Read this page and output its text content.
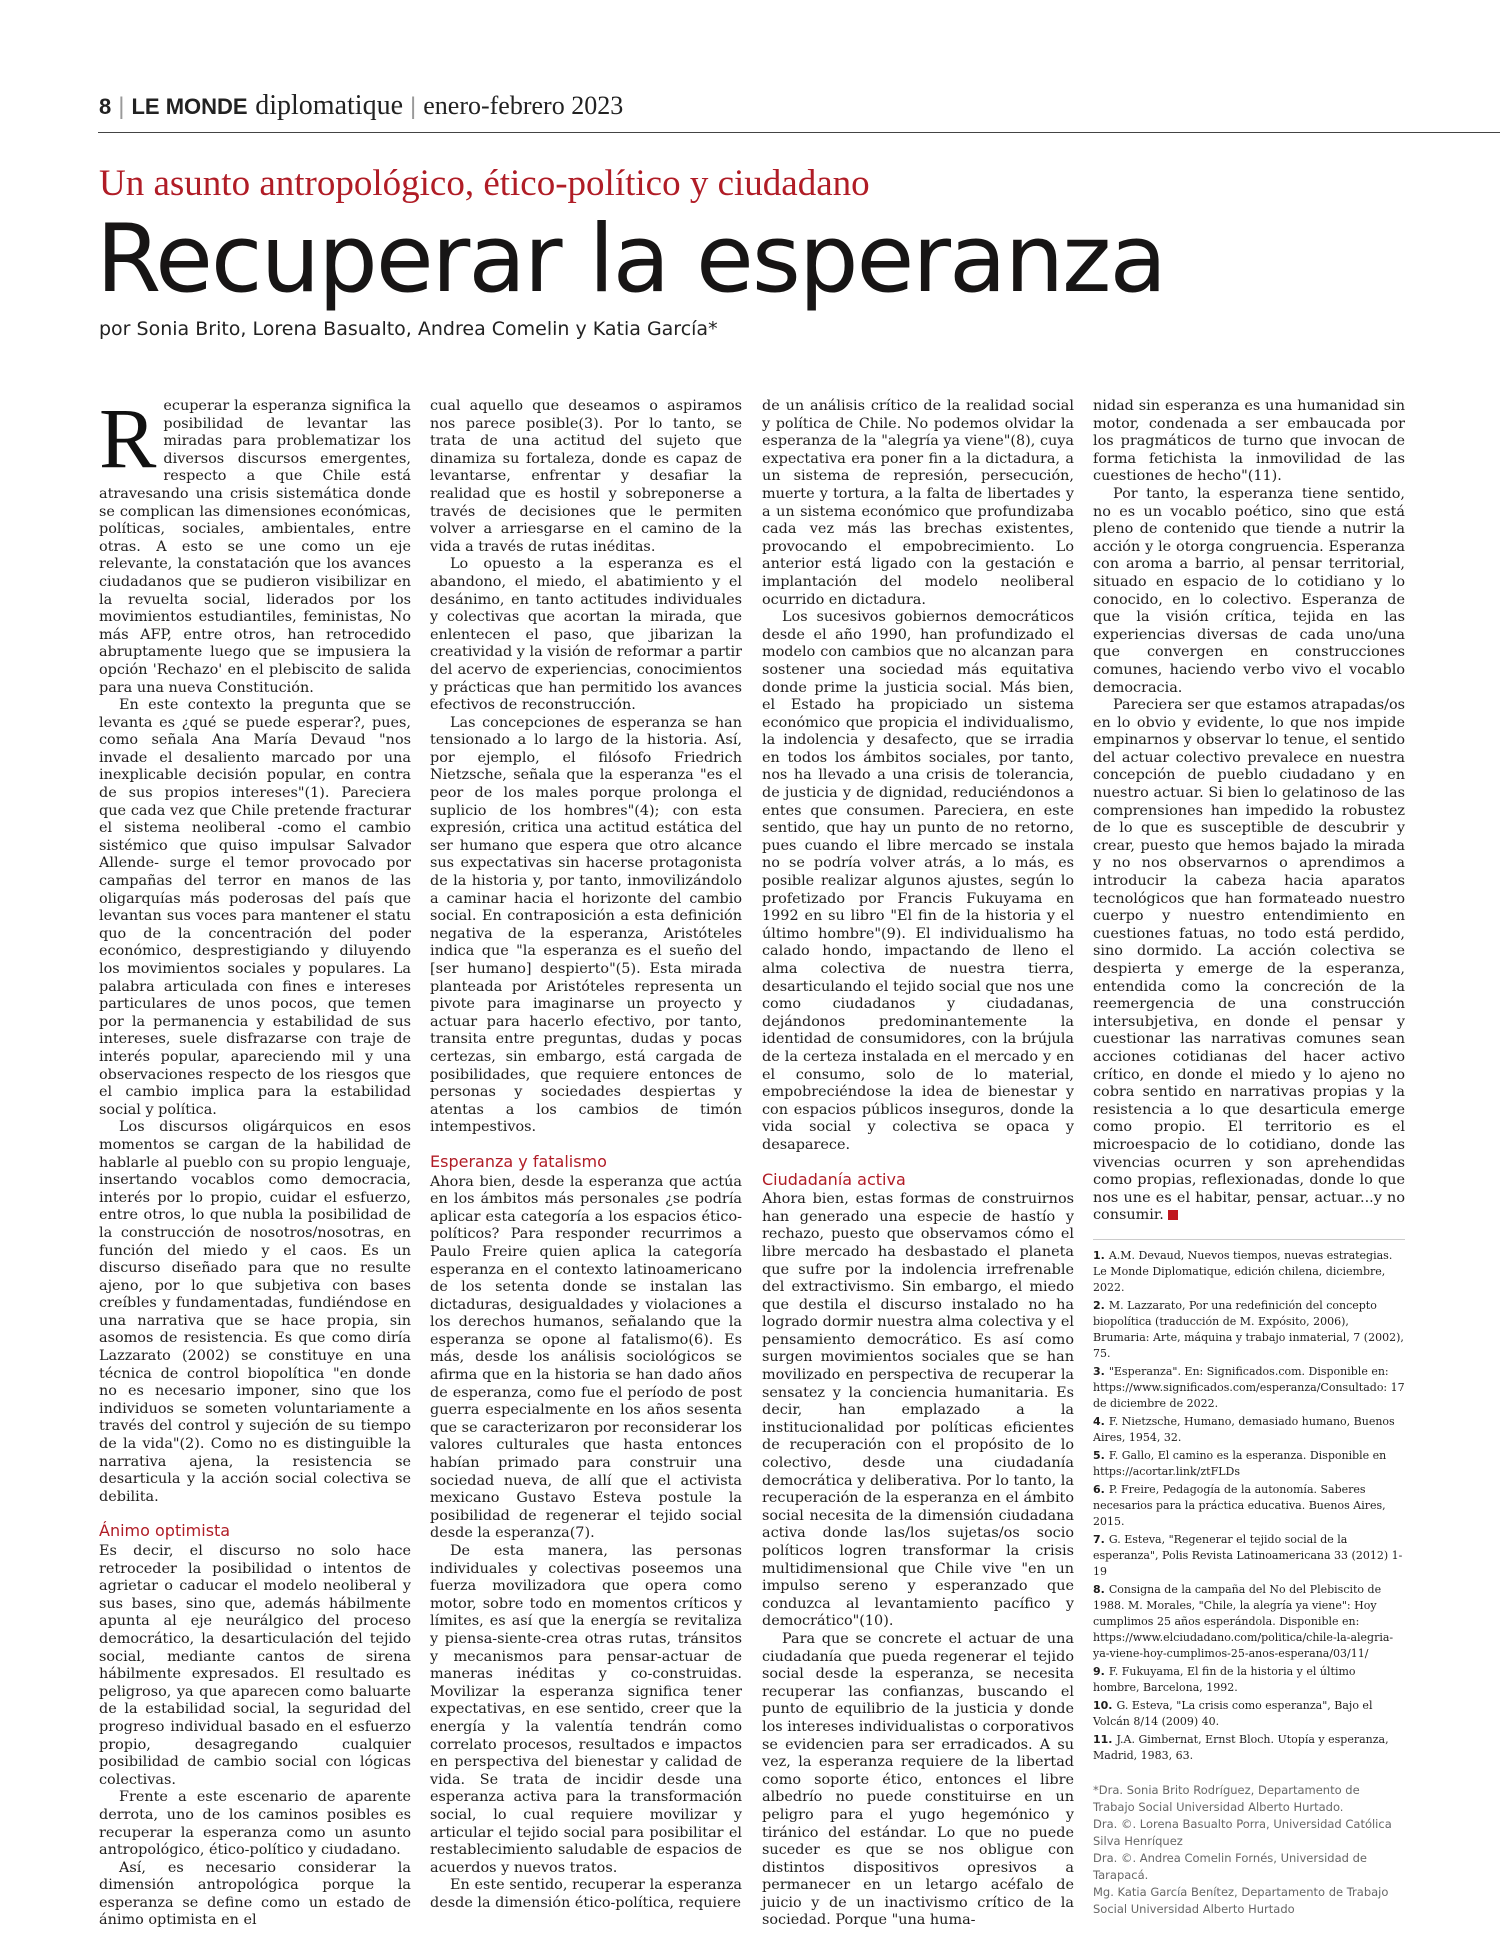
8 | LE MONDE diplomatique | enero-febrero 2023
Un asunto antropológico, ético-político y ciudadano
Recuperar la esperanza
por Sonia Brito, Lorena Basualto, Andrea Comelin y Katia García*

Recuperar la esperanza significa la posibilidad de levantar las miradas para problematizar los diversos discursos emergentes, respecto a que Chile está atravesando una crisis sistemática donde se complican las dimensiones económicas, políticas, sociales, ambientales, entre otras. A esto se une como un eje relevante, la constatación que los avances ciudadanos que se pudieron visibilizar en la revuelta social, liderados por los movimientos estudiantiles, feministas, No más AFP, entre otros, han retrocedido abruptamente luego que se impusiera la opción 'Rechazo' en el plebiscito de salida para una nueva Constitución.

En este contexto la pregunta que se levanta es ¿qué se puede esperar?, pues, como señala Ana María Devaud "nos invade el desaliento marcado por una inexplicable decisión popular, en contra de sus propios intereses"(1). Pareciera que cada vez que Chile pretende fracturar el sistema neoliberal -como el cambio sistémico que quiso impulsar Salvador Allende- surge el temor provocado por campañas del terror en manos de las oligarquías más poderosas del país que levantan sus voces para mantener el statu quo de la concentración del poder económico, desprestigiando y diluyendo los movimientos sociales y populares. La palabra articulada con fines e intereses particulares de unos pocos, que temen por la permanencia y estabilidad de sus intereses, suele disfrazarse con traje de interés popular, apareciendo mil y una observaciones respecto de los riesgos que el cambio implica para la estabilidad social y política.

Los discursos oligárquicos en esos momentos se cargan de la habilidad de hablarle al pueblo con su propio lenguaje, insertando vocablos como democracia, interés por lo propio, cuidar el esfuerzo, entre otros, lo que nubla la posibilidad de la construcción de nosotros/nosotras, en función del miedo y el caos. Es un discurso diseñado para que no resulte ajeno, por lo que subjetiva con bases creíbles y fundamentadas, fundiéndose en una narrativa que se hace propia, sin asomos de resistencia. Es que como diría Lazzarato (2002) se constituye en una técnica de control biopolítica "en donde no es necesario imponer, sino que los individuos se someten voluntariamente a través del control y sujeción de su tiempo de la vida"(2). Como no es distinguible la narrativa ajena, la resistencia se desarticula y la acción social colectiva se debilita.

Ánimo optimista

Es decir, el discurso no solo hace retroceder la posibilidad o intentos de agrietar o caducar el modelo neoliberal y sus bases, sino que, además hábilmente apunta al eje neurálgico del proceso democrático, la desarticulación del tejido social, mediante cantos de sirena hábilmente expresados. El resultado es peligroso, ya que aparecen como baluarte de la estabilidad social, la seguridad del progreso individual basado en el esfuerzo propio, desagregando cualquier posibilidad de cambio social con lógicas colectivas.

Frente a este escenario de aparente derrota, uno de los caminos posibles es recuperar la esperanza como un asunto antropológico, ético-político y ciudadano.

Así, es necesario considerar la dimensión antropológica porque la esperanza se define como un estado de ánimo optimista en el

cual aquello que deseamos o aspiramos nos parece posible(3). Por lo tanto, se trata de una actitud del sujeto que dinamiza su fortaleza, donde es capaz de levantarse, enfrentar y desafiar la realidad que es hostil y sobreponerse a través de decisiones que le permiten volver a arriesgarse en el camino de la vida a través de rutas inéditas.

Lo opuesto a la esperanza es el abandono, el miedo, el abatimiento y el desánimo, en tanto actitudes individuales y colectivas que acortan la mirada, que enlentecen el paso, que jibarizan la creatividad y la visión de reformar a partir del acervo de experiencias, conocimientos y prácticas que han permitido los avances efectivos de reconstrucción.

Las concepciones de esperanza se han tensionado a lo largo de la historia. Así, por ejemplo, el filósofo Friedrich Nietzsche, señala que la esperanza "es el peor de los males porque prolonga el suplicio de los hombres"(4); con esta expresión, critica una actitud estática del ser humano que espera que otro alcance sus expectativas sin hacerse protagonista de la historia y, por tanto, inmovilizándolo a caminar hacia el horizonte del cambio social. En contraposición a esta definición negativa de la esperanza, Aristóteles indica que "la esperanza es el sueño del [ser humano] despierto"(5). Esta mirada planteada por Aristóteles representa un pivote para imaginarse un proyecto y actuar para hacerlo efectivo, por tanto, transita entre preguntas, dudas y pocas certezas, sin embargo, está cargada de posibilidades, que requiere entonces de personas y sociedades despiertas y atentas a los cambios de timón intempestivos.

Esperanza y fatalismo

Ahora bien, desde la esperanza que actúa en los ámbitos más personales ¿se podría aplicar esta categoría a los espacios ético-políticos? Para responder recurrimos a Paulo Freire quien aplica la categoría esperanza en el contexto latinoamericano de los setenta donde se instalan las dictaduras, desigualdades y violaciones a los derechos humanos, señalando que la esperanza se opone al fatalismo(6). Es más, desde los análisis sociológicos se afirma que en la historia se han dado años de esperanza, como fue el período de post guerra especialmente en los años sesenta que se caracterizaron por reconsiderar los valores culturales que hasta entonces habían primado para construir una sociedad nueva, de allí que el activista mexicano Gustavo Esteva postule la posibilidad de regenerar el tejido social desde la esperanza(7).

De esta manera, las personas individuales y colectivas poseemos una fuerza movilizadora que opera como motor, sobre todo en momentos críticos y límites, es así que la energía se revitaliza y piensa-siente-crea otras rutas, tránsitos y mecanismos para pensar-actuar de maneras inéditas y co-construidas. Movilizar la esperanza significa tener expectativas, en ese sentido, creer que la energía y la valentía tendrán como correlato procesos, resultados e impactos en perspectiva del bienestar y calidad de vida. Se trata de incidir desde una esperanza activa para la transformación social, lo cual requiere movilizar y articular el tejido social para posibilitar el restablecimiento saludable de espacios de acuerdos y nuevos tratos.

En este sentido, recuperar la esperanza desde la dimensión ético-política, requiere

de un análisis crítico de la realidad social y política de Chile. No podemos olvidar la esperanza de la "alegría ya viene"(8), cuya expectativa era poner fin a la dictadura, a un sistema de represión, persecución, muerte y tortura, a la falta de libertades y a un sistema económico que profundizaba cada vez más las brechas existentes, provocando el empobrecimiento. Lo anterior está ligado con la gestación e implantación del modelo neoliberal ocurrido en dictadura.

Los sucesivos gobiernos democráticos desde el año 1990, han profundizado el modelo con cambios que no alcanzan para sostener una sociedad más equitativa donde prime la justicia social. Más bien, el Estado ha propiciado un sistema económico que propicia el individualismo, la indolencia y desafecto, que se irradia en todos los ámbitos sociales, por tanto, nos ha llevado a una crisis de tolerancia, de justicia y de dignidad, reduciéndonos a entes que consumen. Pareciera, en este sentido, que hay un punto de no retorno, pues cuando el libre mercado se instala no se podría volver atrás, a lo más, es posible realizar algunos ajustes, según lo profetizado por Francis Fukuyama en 1992 en su libro "El fin de la historia y el último hombre"(9). El individualismo ha calado hondo, impactando de lleno el alma colectiva de nuestra tierra, desarticulando el tejido social que nos une como ciudadanos y ciudadanas, dejándonos predominantemente la identidad de consumidores, con la brújula de la certeza instalada en el mercado y en el consumo, solo de lo material, empobreciéndose la idea de bienestar y con espacios públicos inseguros, donde la vida social y colectiva se opaca y desaparece.

Ciudadanía activa

Ahora bien, estas formas de construirnos han generado una especie de hastío y rechazo, puesto que observamos cómo el libre mercado ha desbastado el planeta que sufre por la indolencia irrefrenable del extractivismo. Sin embargo, el miedo que destila el discurso instalado no ha logrado dormir nuestra alma colectiva y el pensamiento democrático. Es así como surgen movimientos sociales que se han movilizado en perspectiva de recuperar la sensatez y la conciencia humanitaria. Es decir, han emplazado a la institucionalidad por políticas eficientes de recuperación con el propósito de lo colectivo, desde una ciudadanía democrática y deliberativa. Por lo tanto, la recuperación de la esperanza en el ámbito social necesita de la dimensión ciudadana activa donde las/los sujetas/os socio políticos logren transformar la crisis multidimensional que Chile vive "en un impulso sereno y esperanzado que conduzca al levantamiento pacífico y democrático"(10).

Para que se concrete el actuar de una ciudadanía que pueda regenerar el tejido social desde la esperanza, se necesita recuperar las confianzas, buscando el punto de equilibrio de la justicia y donde los intereses individualistas o corporativos se evidencien para ser erradicados. A su vez, la esperanza requiere de la libertad como soporte ético, entonces el libre albedrío no puede constituirse en un peligro para el yugo hegemónico y tiránico del estándar. Lo que no puede suceder es que se nos obligue con distintos dispositivos opresivos a permanecer en un letargo acéfalo de juicio y de un inactivismo crítico de la sociedad. Porque "una huma-

nidad sin esperanza es una humanidad sin motor, condenada a ser embaucada por los pragmáticos de turno que invocan de forma fetichista la inmovilidad de las cuestiones de hecho"(11).

Por tanto, la esperanza tiene sentido, no es un vocablo poético, sino que está pleno de contenido que tiende a nutrir la acción y le otorga congruencia. Esperanza con aroma a barrio, al pensar territorial, situado en espacio de lo cotidiano y lo conocido, en lo colectivo. Esperanza de que la visión crítica, tejida en las experiencias diversas de cada uno/una que convergen en construcciones comunes, haciendo verbo vivo el vocablo democracia.

Pareciera ser que estamos atrapadas/os en lo obvio y evidente, lo que nos impide empinarnos y observar lo tenue, el sentido del actuar colectivo prevalece en nuestra concepción de pueblo ciudadano y en nuestro actuar. Si bien lo gelatinoso de las comprensiones han impedido la robustez de lo que es susceptible de descubrir y crear, puesto que hemos bajado la mirada y no nos observarnos o aprendimos a introducir la cabeza hacia aparatos tecnológicos que han formateado nuestro cuerpo y nuestro entendimiento en cuestiones fatuas, no todo está perdido, sino dormido. La acción colectiva se despierta y emerge de la esperanza, entendida como la concreción de la reemergencia de una construcción intersubjetiva, en donde el pensar y cuestionar las narrativas comunes sean acciones cotidianas del hacer activo crítico, en donde el miedo y lo ajeno no cobra sentido en narrativas propias y la resistencia a lo que desarticula emerge como propio. El territorio es el microespacio de lo cotidiano, donde las vivencias ocurren y son aprehendidas como propias, reflexionadas, donde lo que nos une es el habitar, pensar, actuar...y no consumir.

1. A.M. Devaud, Nuevos tiempos, nuevas estrategias. Le Monde Diplomatique, edición chilena, diciembre, 2022.
2. M. Lazzarato, Por una redefinición del concepto biopolítica (traducción de M. Expósito, 2006), Brumaria: Arte, máquina y trabajo inmaterial, 7 (2002), 75.
3. "Esperanza". En: Significados.com. Disponible en: https://www.significados.com/esperanza/Consultado: 17 de diciembre de 2022.
4. F. Nietzsche, Humano, demasiado humano, Buenos Aires, 1954, 32.
5. F. Gallo, El camino es la esperanza. Disponible en https://acortar.link/ztFLDs
6. P. Freire, Pedagogía de la autonomía. Saberes necesarios para la práctica educativa. Buenos Aires, 2015.
7. G. Esteva, "Regenerar el tejido social de la esperanza", Polis Revista Latinoamericana 33 (2012) 1-19
8. Consigna de la campaña del No del Plebiscito de 1988. M. Morales, "Chile, la alegría ya viene": Hoy cumplimos 25 años esperándola. Disponible en: https://www.elciudadano.com/politica/chile-la-alegria-ya-viene-hoy-cumplimos-25-anos-esperana/03/11/
9. F. Fukuyama, El fin de la historia y el último hombre, Barcelona, 1992.
10. G. Esteva, "La crisis como esperanza", Bajo el Volcán 8/14 (2009) 40.
11. J.A. Gimbernat, Ernst Bloch. Utopía y esperanza, Madrid, 1983, 63.
*Dra. Sonia Brito Rodríguez, Departamento de Trabajo Social Universidad Alberto Hurtado.
Dra. ©. Lorena Basualto Porra, Universidad Católica Silva Henríquez
Dra. ©. Andrea Comelin Fornés, Universidad de Tarapacá.
Mg. Katia García Benítez, Departamento de Trabajo Social Universidad Alberto Hurtado
